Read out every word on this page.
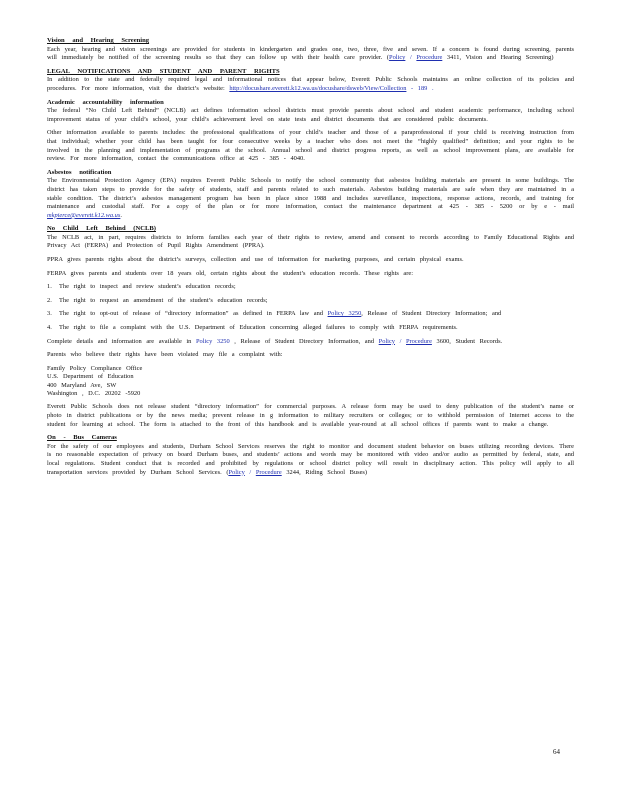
Vision and Hearing Screening

Each year, hearing and vision screenings are provided for students in kindergarten and grades one, two, three, five and seven. If a concern is found during screening, parents will immediately be notified of the screening results so that they can follow up with their health care provider. (Policy / Procedure 3411, Vision and Hearing Screening)

LEGAL NOTIFICATIONS AND STUDENT AND PARENT RIGHTS

In addition to the state and federally required legal and informational notices that appear below, Everett Public Schools maintains an online collection of its policies and procedures. For more information, visit the district’s website: http://docushare.everett.k12.wa.us/docushare/dsweb/View/Collection - 189 .

Academic accountability information

The federal “No Child Left Behind” (NCLB) act defines information school districts must provide parents about school and student academic performance, including school improvement status of your child’s school, your child’s achievement level on state tests and district documents that are considered public documents.

Other information available to parents includes: the professional qualifications of your child’s teacher and those of a paraprofessional if your child is receiving instruction from that individual; whether your child has been taught for four consecutive weeks by a teacher who does not meet the “highly qualified” definition; and your rights to be involved in the planning and implementation of programs at the school. Annual school and district progress reports, as well as school improvement plans, are available for review. For more information, contact the communications office at 425 - 385 - 4040.

Asbestos notification

The Environmental Protection Agency (EPA) requires Everett Public Schools to notify the school community that asbestos building materials are present in some buildings. The district has taken steps to provide for the safety of students, staff and parents related to such materials. Asbestos building materials are safe when they are maintained in a stable condition. The district’s asbestos management program has been in place since 1988 and includes surveillance, inspections, response actions, records, and training for maintenance and custodial staff. For a copy of the plan or for more information, contact the maintenance department at 425 - 385 - 5200 or by e - mail mkpierce@everett.k12.wa.us.

No Child Left Behind (NCLB)

The NCLB act, in part, requires districts to inform families each year of their rights to review, amend and consent to records according to Family Educational Rights and Privacy Act (FERPA) and Protection of Pupil Rights Amendment (PPRA).

PPRA gives parents rights about the district’s surveys, collection and use of information for marketing purposes, and certain physical exams.

FERPA gives parents and students over 18 years old, certain rights about the student’s education records. These rights are:

1. The right to inspect and review student’s education records;
2. The right to request an amendment of the student’s education records;
3. The right to opt-out of release of “directory information” as defined in FERPA law and Policy 3250, Release of Student Directory Information; and
4. The right to file a complaint with the U.S. Department of Education concerning alleged failures to comply with FERPA requirements.

Complete details and information are available in Policy 3250 , Release of Student Directory Information, and Policy / Procedure 3600, Student Records.

Parents who believe their rights have been violated may file a complaint with:

Family Policy Compliance Office
U.S. Department of Education
400 Maryland Ave, SW
Washington , D.C. 20202 -5920

Everett Public Schools does not release student “directory information” for commercial purposes. A release form may be used to deny publication of the student’s name or photo in district publications or by the news media; prevent release in g information to military recruiters or colleges; or to withhold permission of Internet access to the student for learning at school. The form is attached to the front of this handbook and is available year-round at all school offices if parents want to make a change.

On - Bus Cameras

For the safety of our employees and students, Durham School Services reserves the right to monitor and document student behavior on buses utilizing recording devices. There is no reasonable expectation of privacy on board Durham buses, and students’ actions and words may be monitored with video and/or audio as permitted by federal, state, and local regulations. Student conduct that is recorded and prohibited by regulations or school district policy will result in disciplinary action. This policy will apply to all transportation services provided by Durham School Services. (Policy / Procedure 3244, Riding School Buses)

64
